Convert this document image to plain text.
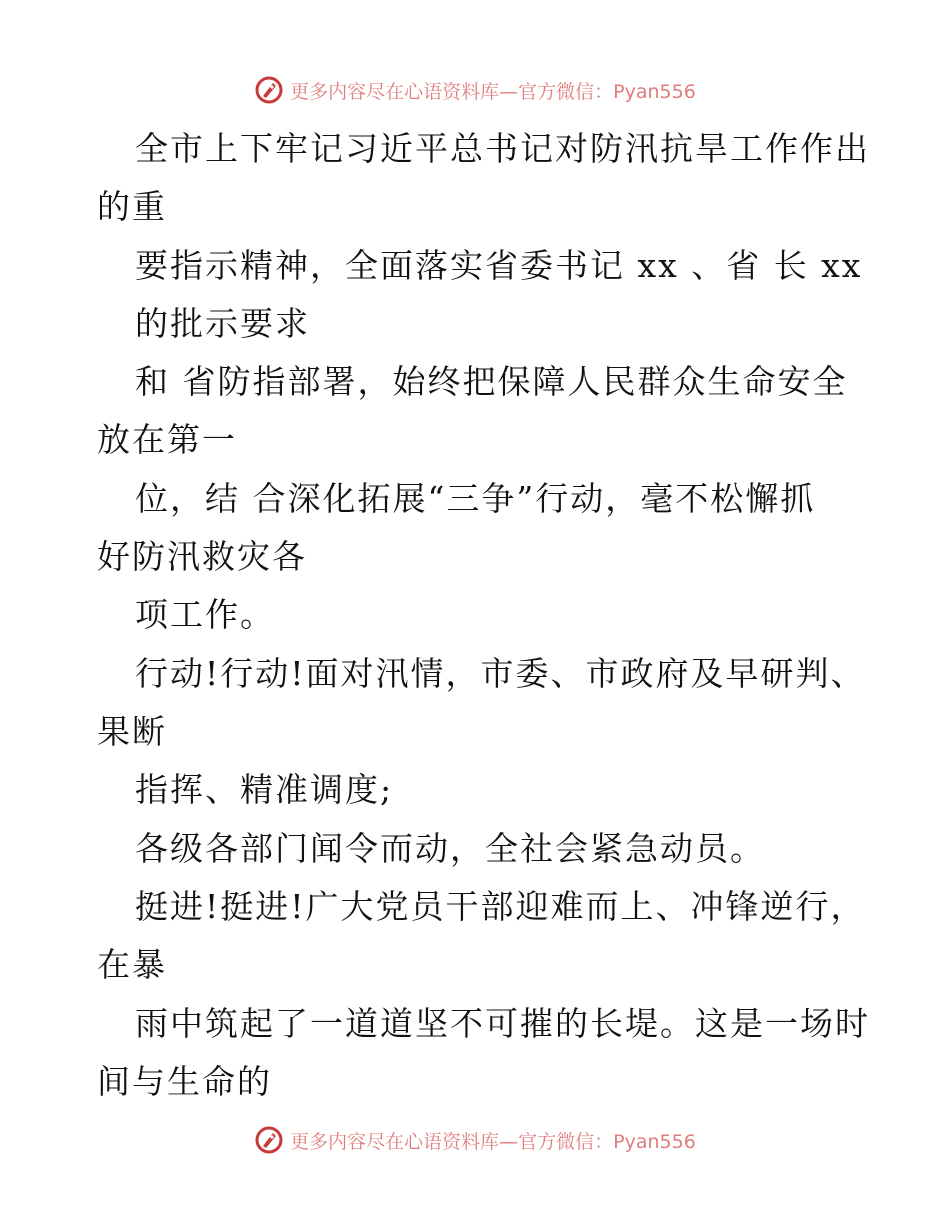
更多内容尽在心语资料库—官方微信：Pyan556
全市上下牢记习近平总书记对防汛抗旱工作作出
的重
要指示精神，全面落实省委书记 xx 、省 长 xx
的批示要求
和 省防指部署，始终把保障人民群众生命安全
放在第一
位，结 合深化拓展“三争”行动，毫不松懈抓
好防汛救灾各
项工作。
行动!行动!面对汛情，市委、市政府及早研判、
果断
指挥、精准调度;
各级各部门闻令而动，全社会紧急动员。
挺进!挺进!广大党员干部迎难而上、冲锋逆行，
在暴
雨中筑起了一道道坚不可摧的长堤。这是一场时
间与生命的
更多内容尽在心语资料库—官方微信：Pyan556
